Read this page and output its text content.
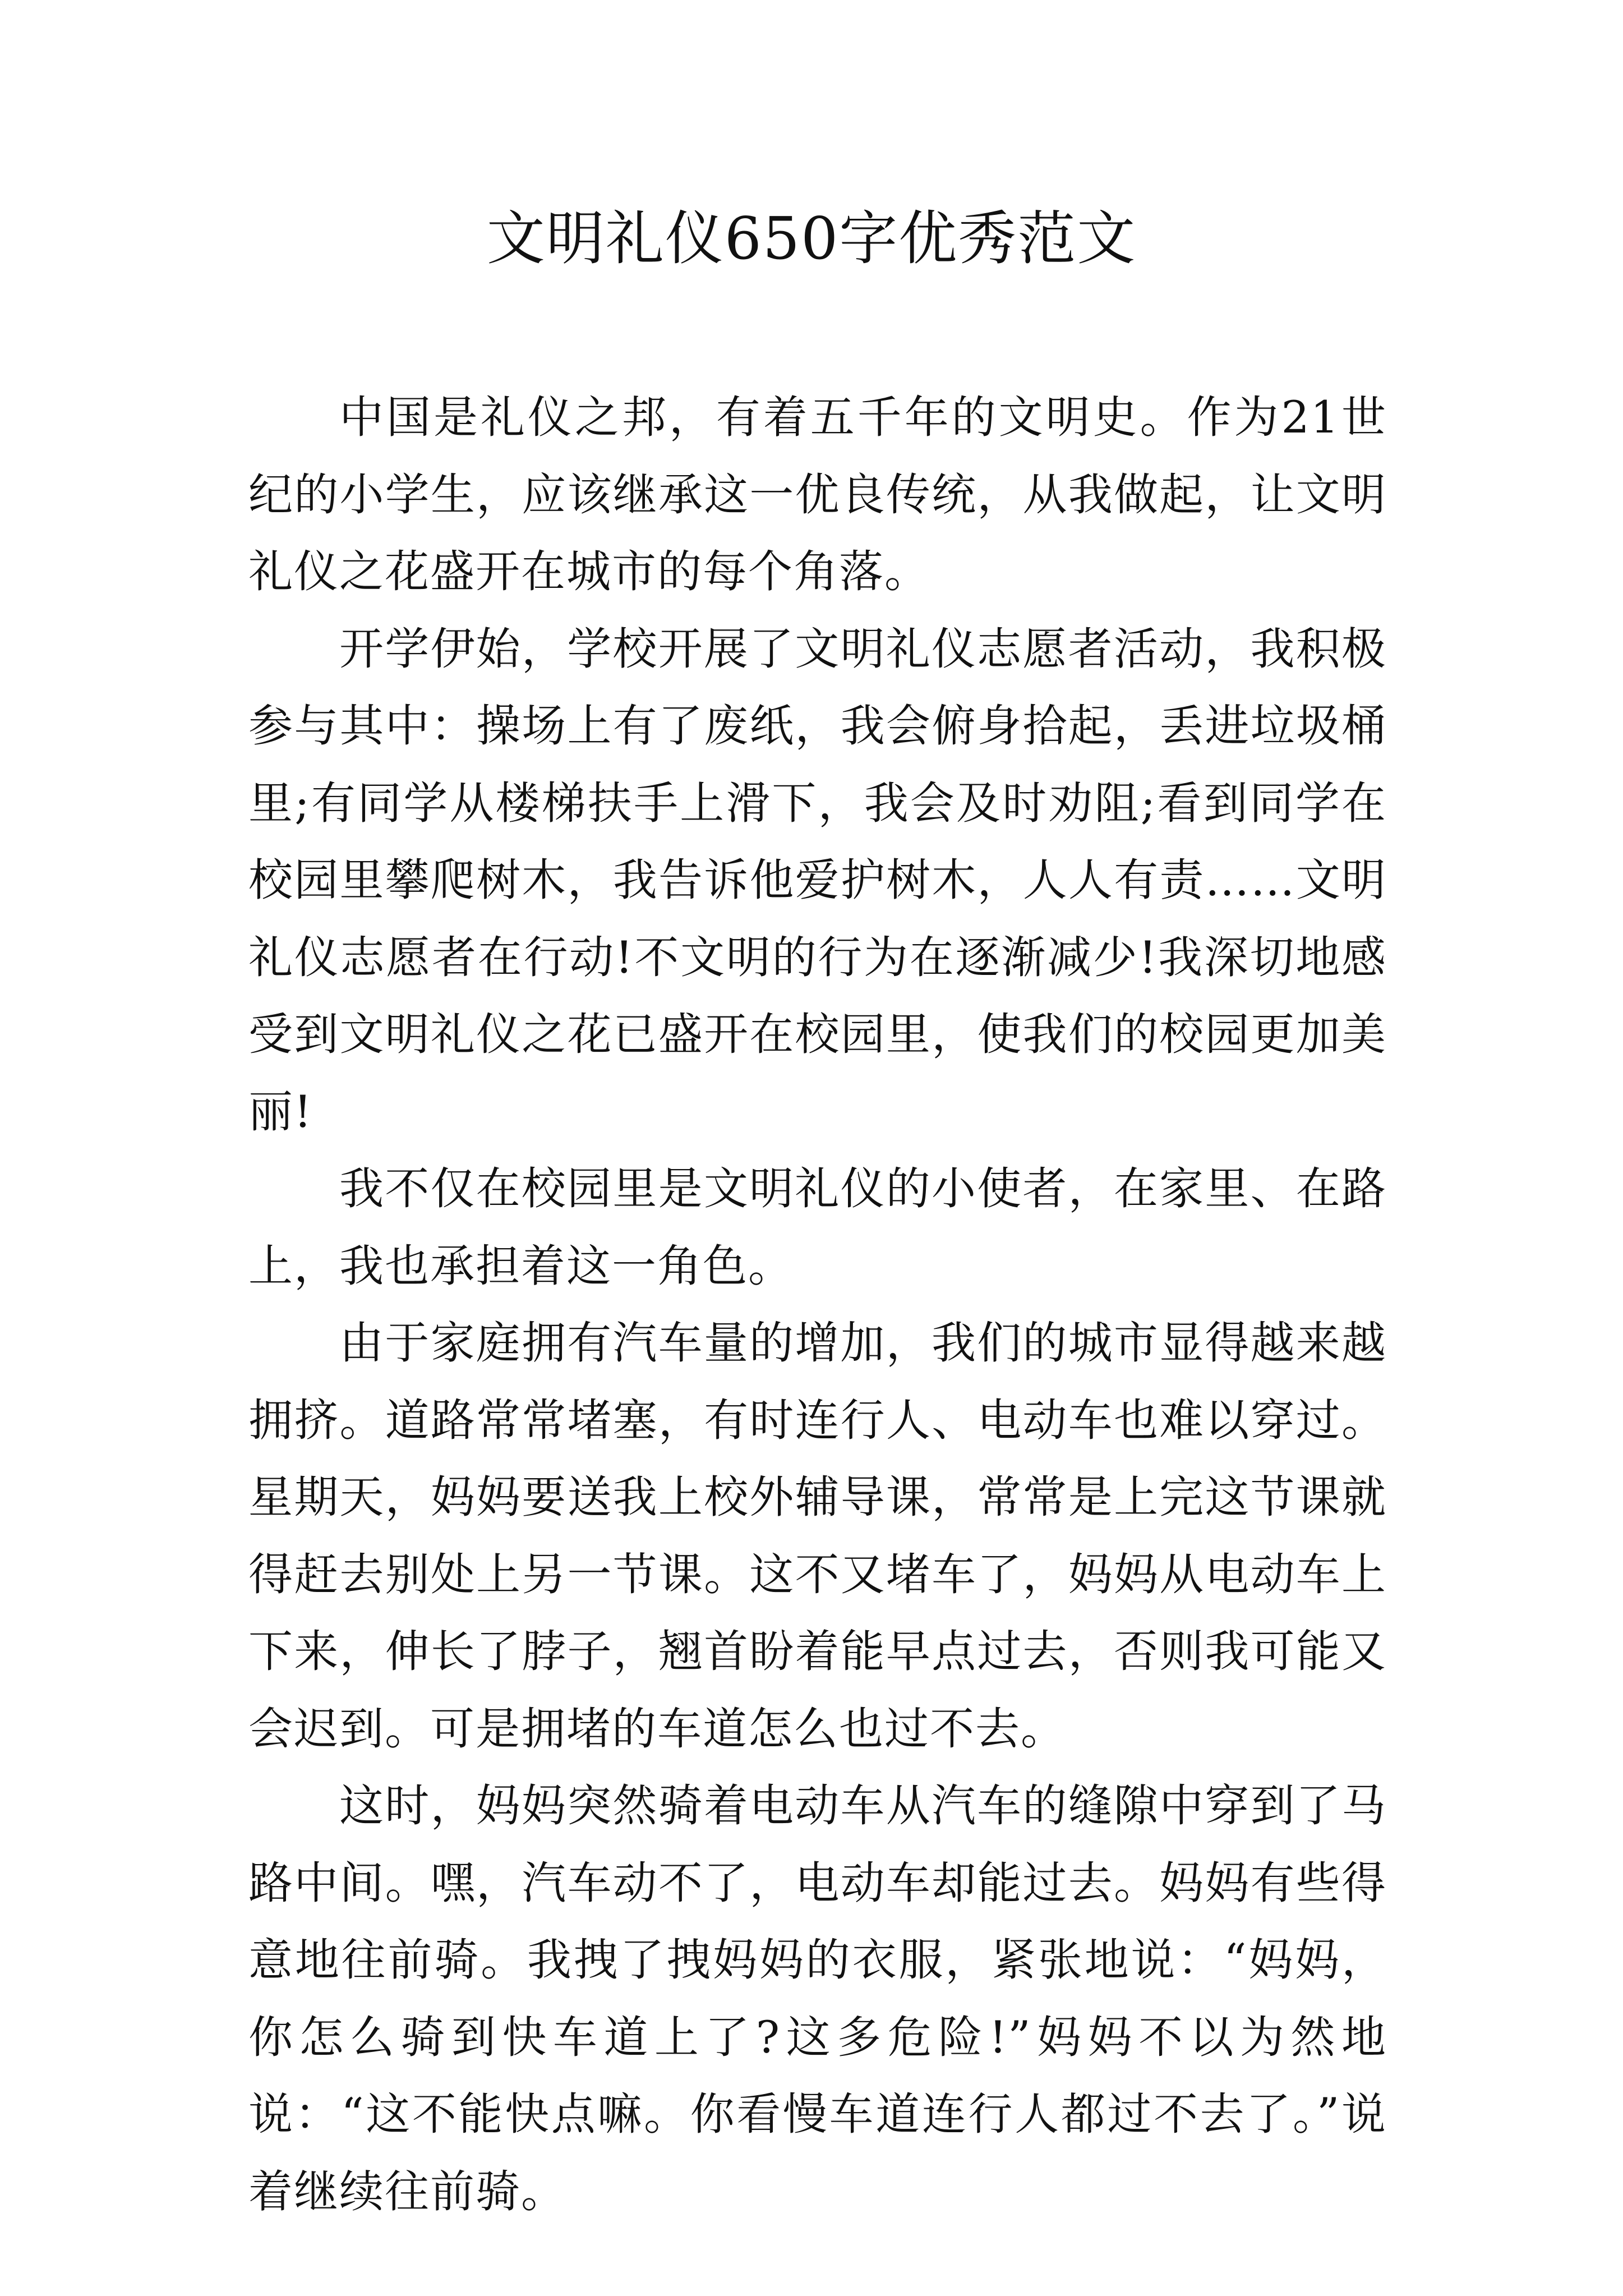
文明礼仪650字优秀范文

中国是礼仪之邦，有着五千年的文明史。作为21世纪的小学生，应该继承这一优良传统，从我做起，让文明礼仪之花盛开在城市的每个角落。

开学伊始，学校开展了文明礼仪志愿者活动，我积极参与其中：操场上有了废纸，我会俯身拾起，丢进垃圾桶里;有同学从楼梯扶手上滑下，我会及时劝阻;看到同学在校园里攀爬树木，我告诉他爱护树木，人人有责……文明礼仪志愿者在行动!不文明的行为在逐渐减少!我深切地感受到文明礼仪之花已盛开在校园里，使我们的校园更加美丽!

我不仅在校园里是文明礼仪的小使者，在家里、在路上，我也承担着这一角色。

由于家庭拥有汽车量的增加，我们的城市显得越来越拥挤。道路常常堵塞，有时连行人、电动车也难以穿过。星期天，妈妈要送我上校外辅导课，常常是上完这节课就得赶去别处上另一节课。这不又堵车了，妈妈从电动车上下来，伸长了脖子，翘首盼着能早点过去，否则我可能又会迟到。可是拥堵的车道怎么也过不去。

这时，妈妈突然骑着电动车从汽车的缝隙中穿到了马路中间。嘿，汽车动不了，电动车却能过去。妈妈有些得意地往前骑。我拽了拽妈妈的衣服，紧张地说：“妈妈，你怎么骑到快车道上了?这多危险!”妈妈不以为然地说：“这不能快点嘛。你看慢车道连行人都过不去了。”说着继续往前骑。
